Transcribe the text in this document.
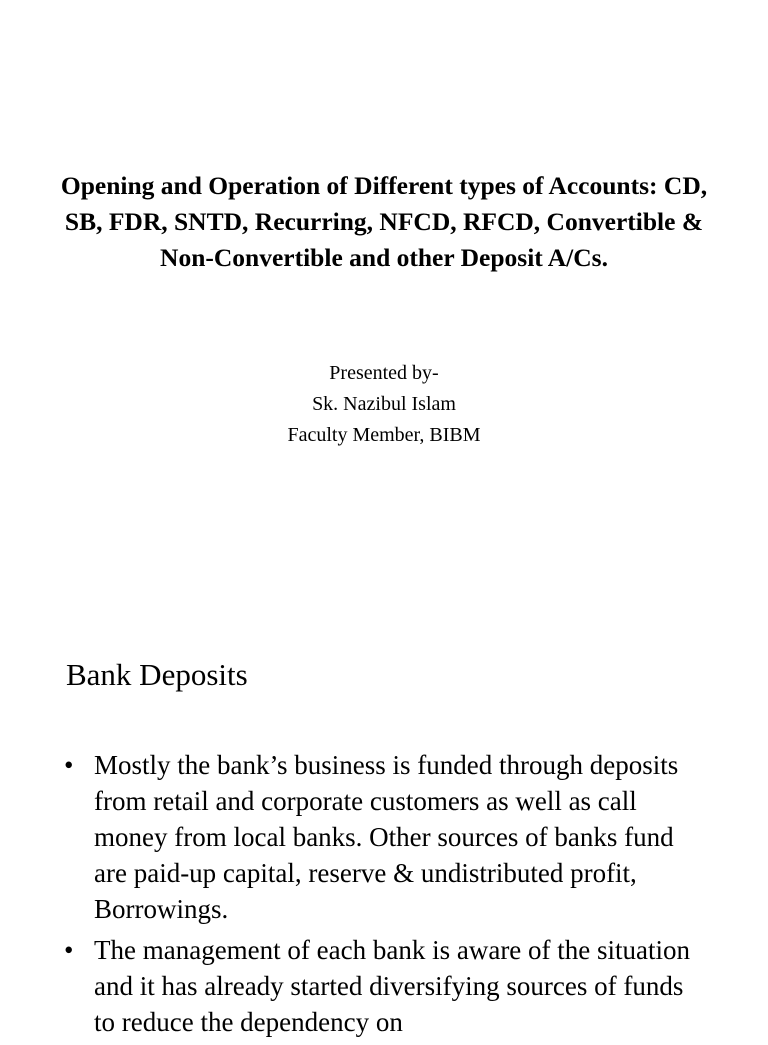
Opening and Operation of Different types of Accounts: CD, SB, FDR, SNTD, Recurring, NFCD, RFCD, Convertible & Non-Convertible and other Deposit A/Cs.
Presented by-
Sk. Nazibul Islam
Faculty Member, BIBM
Bank Deposits
• Mostly the bank’s business is funded through deposits from retail and corporate customers as well as call money from local banks. Other sources of banks fund are paid-up capital, reserve & undistributed profit, Borrowings.
• The management of each bank is aware of the situation and it has already started diversifying sources of funds to reduce the dependency on
